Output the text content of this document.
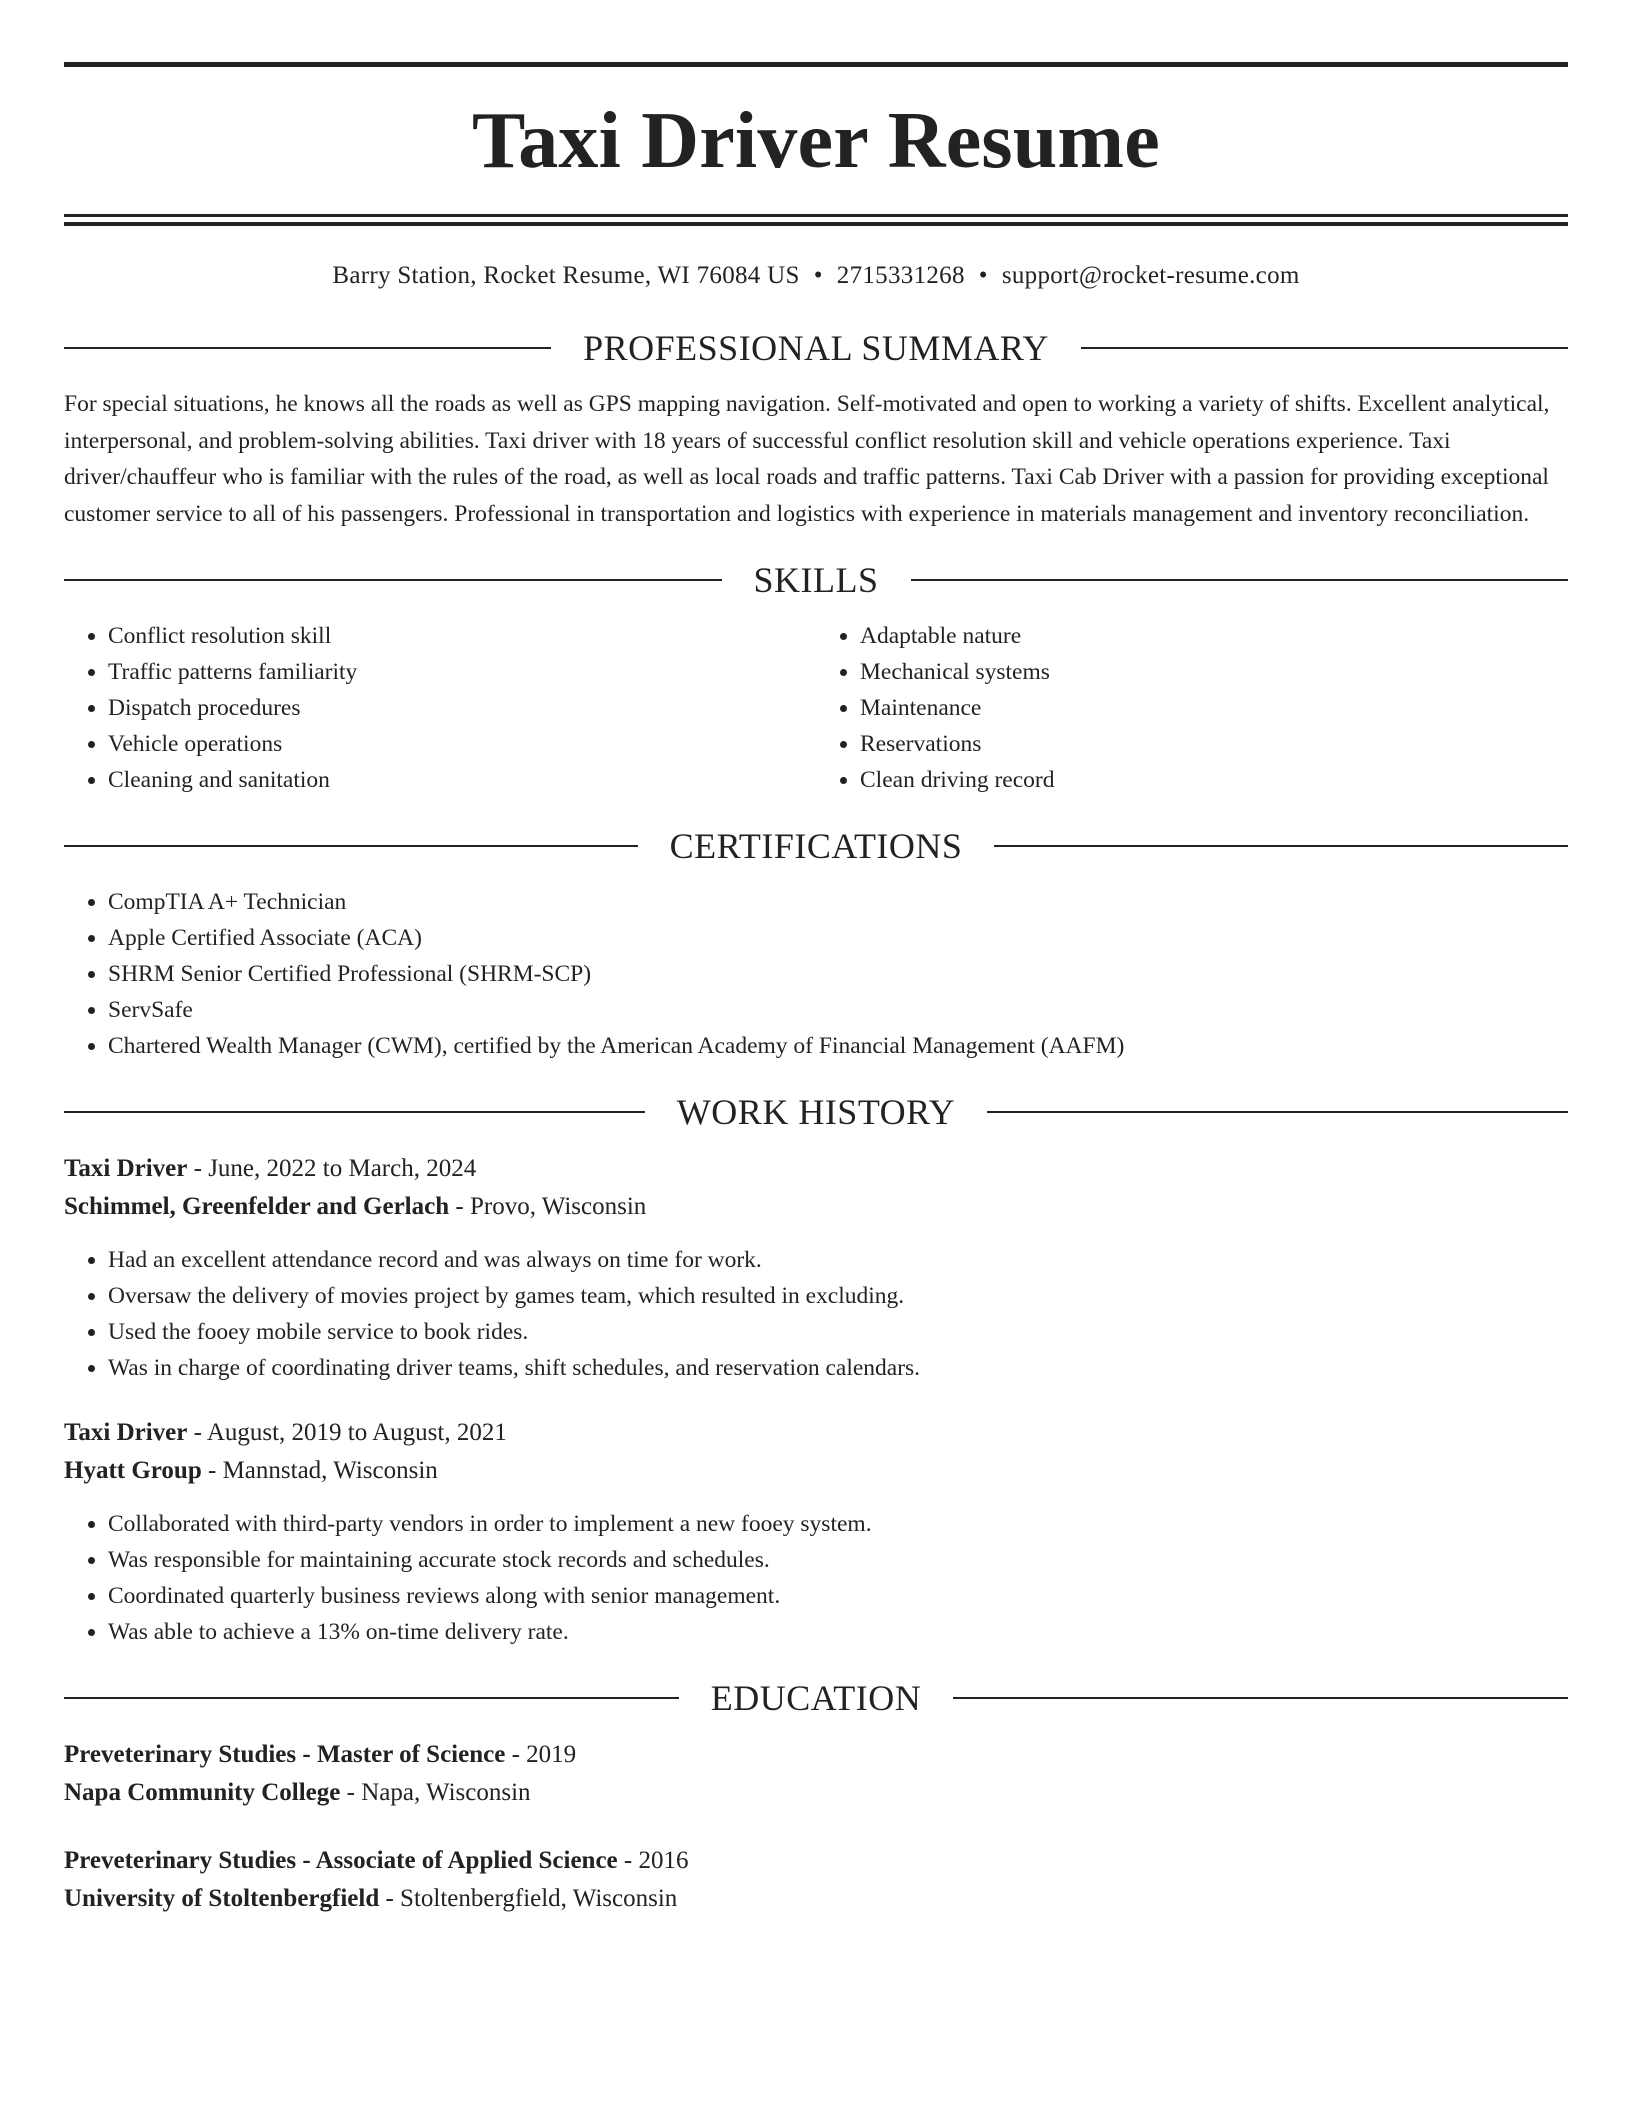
Taxi Driver Resume
Barry Station, Rocket Resume, WI 76084 US • 2715331268 • support@rocket-resume.com
PROFESSIONAL SUMMARY

For special situations, he knows all the roads as well as GPS mapping navigation. Self-motivated and open to working a variety of shifts. Excellent analytical, interpersonal, and problem-solving abilities. Taxi driver with 18 years of successful conflict resolution skill and vehicle operations experience. Taxi driver/chauffeur who is familiar with the rules of the road, as well as local roads and traffic patterns. Taxi Cab Driver with a passion for providing exceptional customer service to all of his passengers. Professional in transportation and logistics with experience in materials management and inventory reconciliation.

SKILLS
• Conflict resolution skill
• Traffic patterns familiarity
• Dispatch procedures
• Vehicle operations
• Cleaning and sanitation
• Adaptable nature
• Mechanical systems
• Maintenance
• Reservations
• Clean driving record
CERTIFICATIONS
• CompTIA A+ Technician
• Apple Certified Associate (ACA)
• SHRM Senior Certified Professional (SHRM-SCP)
• ServSafe
• Chartered Wealth Manager (CWM), certified by the American Academy of Financial Management (AAFM)
WORK HISTORY
Taxi Driver - June, 2022 to March, 2024
Schimmel, Greenfelder and Gerlach - Provo, Wisconsin
• Had an excellent attendance record and was always on time for work.
• Oversaw the delivery of movies project by games team, which resulted in excluding.
• Used the fooey mobile service to book rides.
• Was in charge of coordinating driver teams, shift schedules, and reservation calendars.
Taxi Driver - August, 2019 to August, 2021
Hyatt Group - Mannstad, Wisconsin
• Collaborated with third-party vendors in order to implement a new fooey system.
• Was responsible for maintaining accurate stock records and schedules.
• Coordinated quarterly business reviews along with senior management.
• Was able to achieve a 13% on-time delivery rate.
EDUCATION
Preveterinary Studies - Master of Science - 2019
Napa Community College - Napa, Wisconsin
Preveterinary Studies - Associate of Applied Science - 2016
University of Stoltenbergfield - Stoltenbergfield, Wisconsin
